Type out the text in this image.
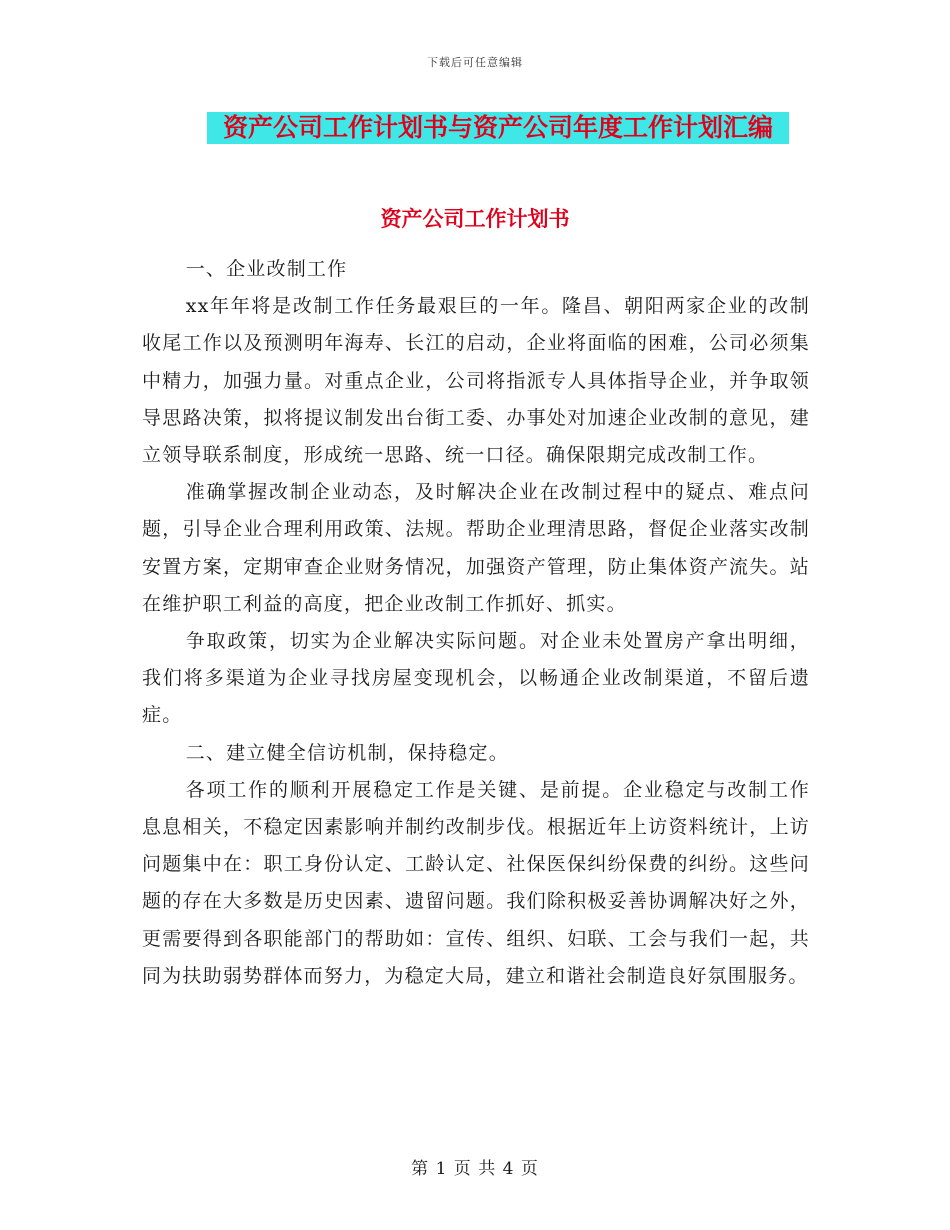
下载后可任意编辑
资产公司工作计划书与资产公司年度工作计划汇编
资产公司工作计划书

一、企业改制工作

xx年年将是改制工作任务最艰巨的一年。隆昌、朝阳两家企业的改制收尾工作以及预测明年海寿、长江的启动，企业将面临的困难，公司必须集中精力，加强力量。对重点企业，公司将指派专人具体指导企业，并争取领导思路决策，拟将提议制发出台街工委、办事处对加速企业改制的意见，建立领导联系制度，形成统一思路、统一口径。确保限期完成改制工作。

准确掌握改制企业动态，及时解决企业在改制过程中的疑点、难点问题，引导企业合理利用政策、法规。帮助企业理清思路，督促企业落实改制安置方案，定期审查企业财务情况，加强资产管理，防止集体资产流失。站在维护职工利益的高度，把企业改制工作抓好、抓实。

争取政策，切实为企业解决实际问题。对企业未处置房产拿出明细，我们将多渠道为企业寻找房屋变现机会，以畅通企业改制渠道，不留后遗症。

二、建立健全信访机制，保持稳定。

各项工作的顺利开展稳定工作是关键、是前提。企业稳定与改制工作息息相关，不稳定因素影响并制约改制步伐。根据近年上访资料统计，上访问题集中在：职工身份认定、工龄认定、社保医保纠纷保费的纠纷。这些问题的存在大多数是历史因素、遗留问题。我们除积极妥善协调解决好之外，更需要得到各职能部门的帮助如：宣传、组织、妇联、工会与我们一起，共同为扶助弱势群体而努力，为稳定大局，建立和谐社会制造良好氛围服务。

第 1 页 共 4 页
